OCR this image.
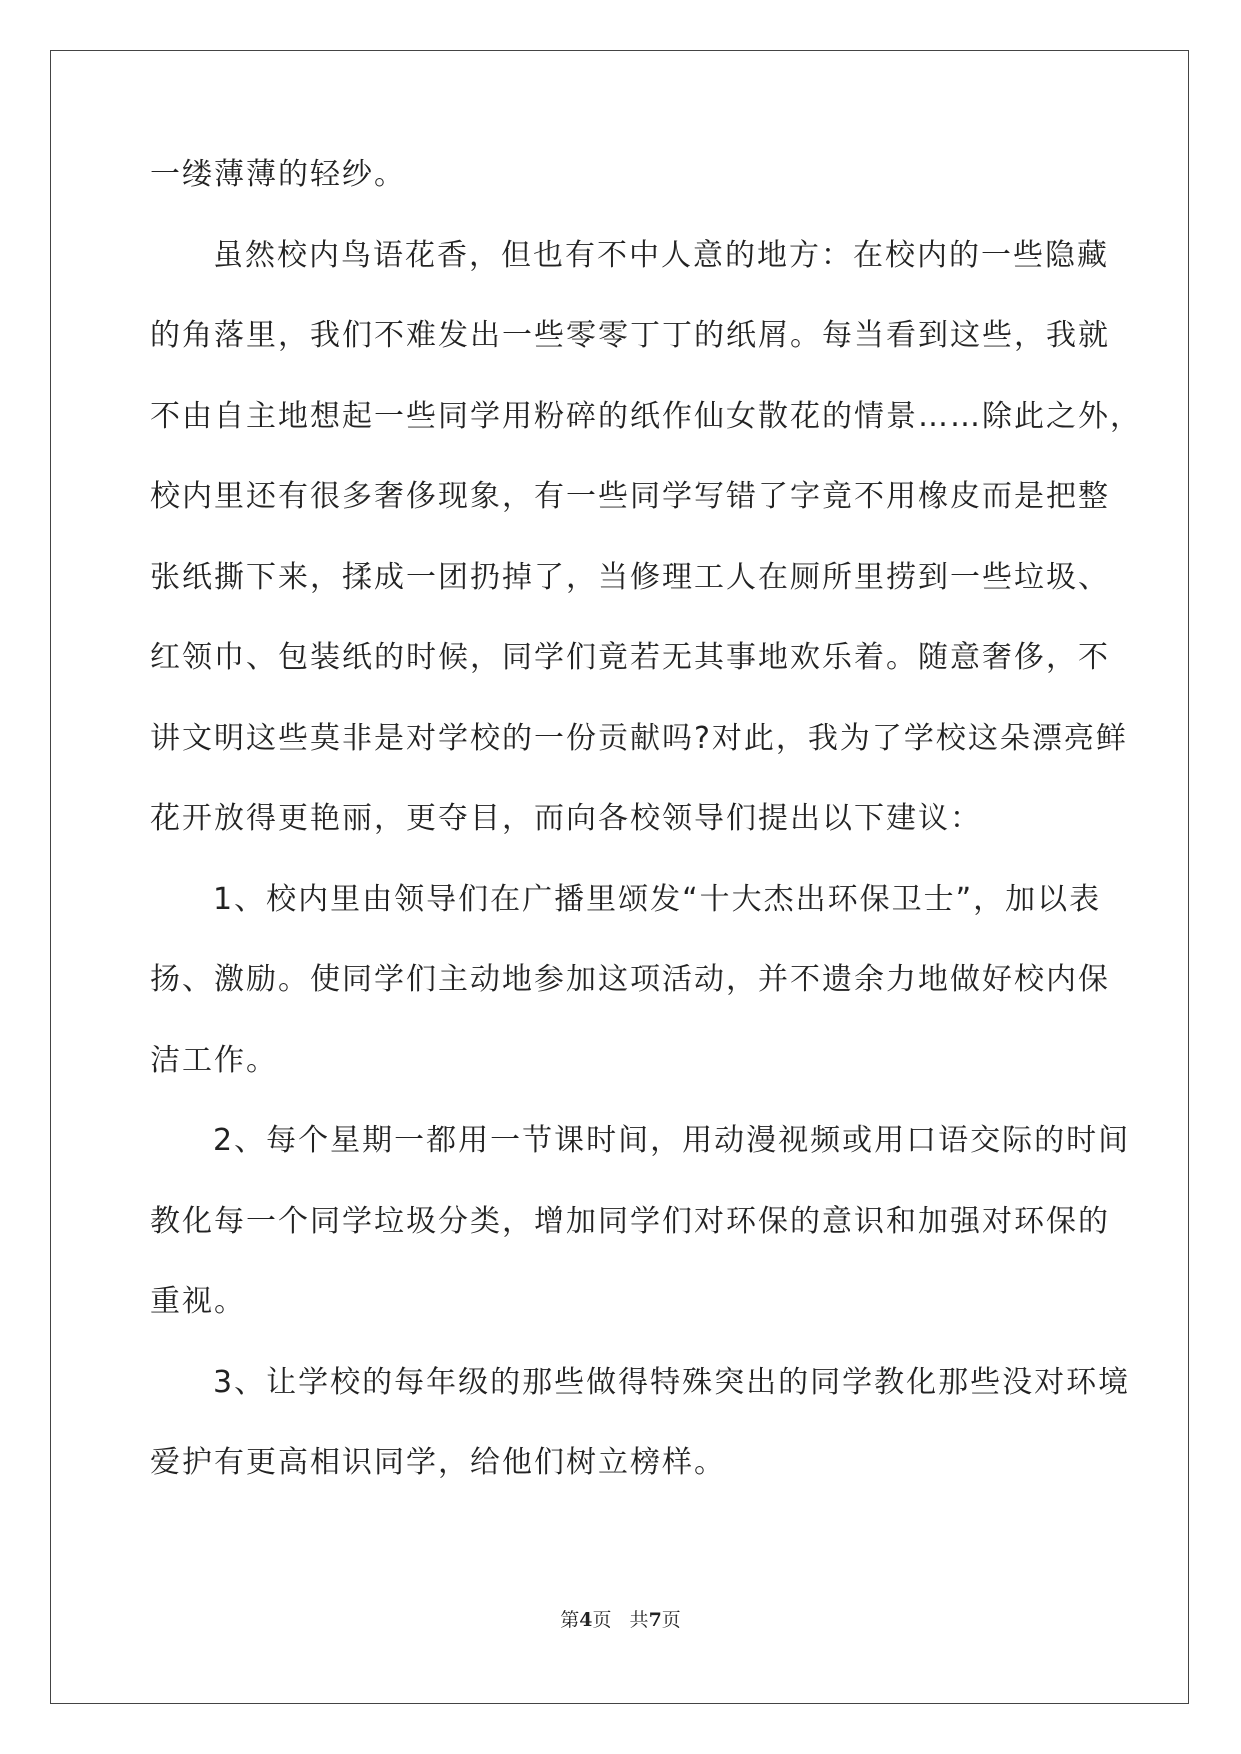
一缕薄薄的轻纱。
虽然校内鸟语花香，但也有不中人意的地方：在校内的一些隐藏
的角落里，我们不难发出一些零零丁丁的纸屑。每当看到这些，我就
不由自主地想起一些同学用粉碎的纸作仙女散花的情景……除此之外，
校内里还有很多奢侈现象，有一些同学写错了字竟不用橡皮而是把整
张纸撕下来，揉成一团扔掉了，当修理工人在厕所里捞到一些垃圾、
红领巾、包装纸的时候，同学们竟若无其事地欢乐着。随意奢侈，不
讲文明这些莫非是对学校的一份贡献吗?对此，我为了学校这朵漂亮鲜
花开放得更艳丽，更夺目，而向各校领导们提出以下建议：
1、校内里由领导们在广播里颂发“十大杰出环保卫士”，加以表
扬、激励。使同学们主动地参加这项活动，并不遗余力地做好校内保
洁工作。
2、每个星期一都用一节课时间，用动漫视频或用口语交际的时间
教化每一个同学垃圾分类，增加同学们对环保的意识和加强对环保的
重视。
3、让学校的每年级的那些做得特殊突出的同学教化那些没对环境
爱护有更高相识同学，给他们树立榜样。
第4页   共7页
